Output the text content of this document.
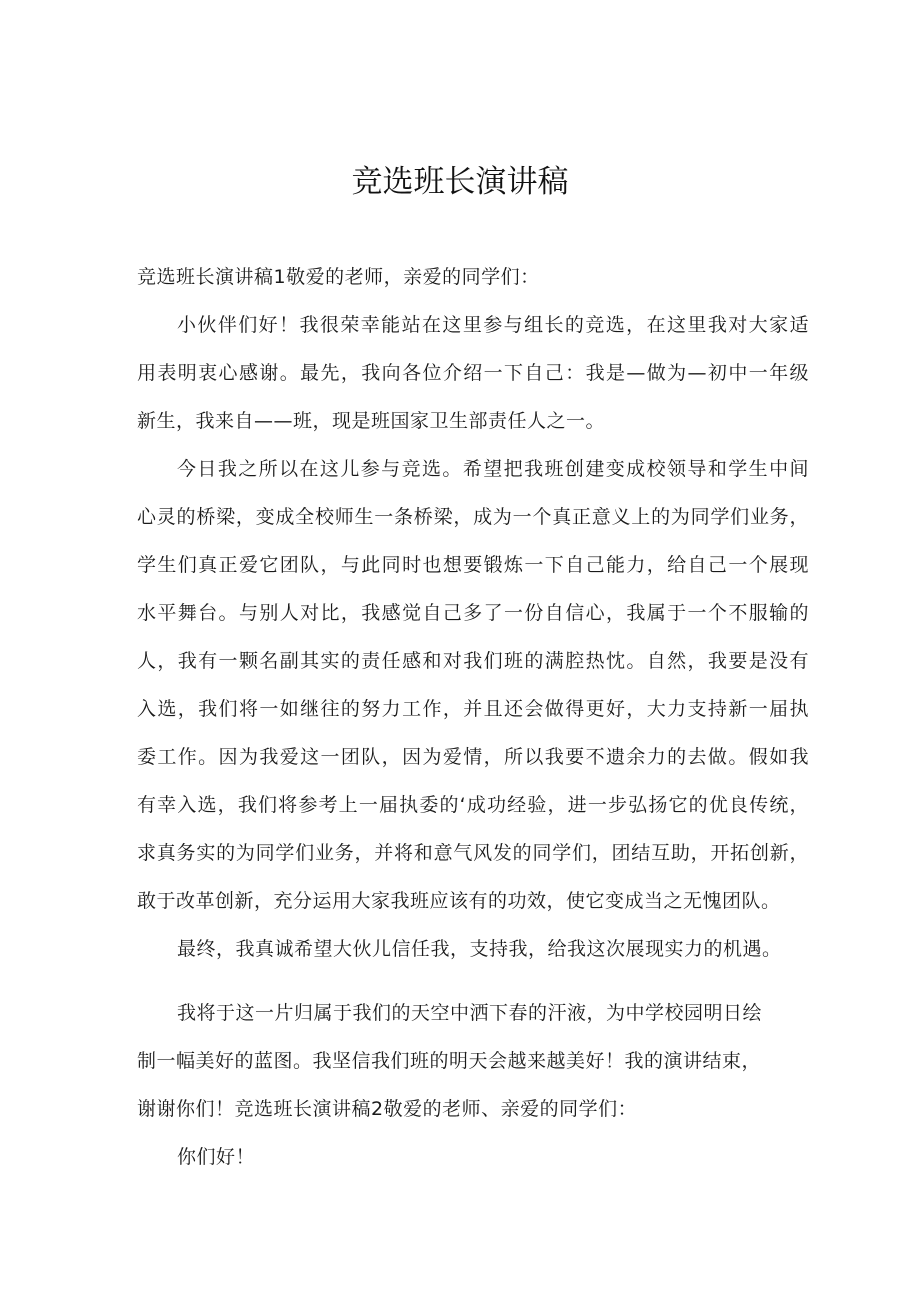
竞选班长演讲稿
竞选班长演讲稿1敬爱的老师，亲爱的同学们：
小伙伴们好！我很荣幸能站在这里参与组长的竞选，在这里我对大家适
用表明衷心感谢。最先，我向各位介绍一下自己：我是—做为—初中一年级
新生，我来自——班，现是班国家卫生部责任人之一。
今日我之所以在这儿参与竞选。希望把我班创建变成校领导和学生中间
心灵的桥梁，变成全校师生一条桥梁，成为一个真正意义上的为同学们业务，
学生们真正爱它团队，与此同时也想要锻炼一下自己能力，给自己一个展现
水平舞台。与别人对比，我感觉自己多了一份自信心，我属于一个不服输的
人，我有一颗名副其实的责任感和对我们班的满腔热忱。自然，我要是没有
入选，我们将一如继往的努力工作，并且还会做得更好，大力支持新一届执
委工作。因为我爱这一团队，因为爱情，所以我要不遗余力的去做。假如我
有幸入选，我们将参考上一届执委的‘成功经验，进一步弘扬它的优良传统，
求真务实的为同学们业务，并将和意气风发的同学们，团结互助，开拓创新，
敢于改革创新，充分运用大家我班应该有的功效，使它变成当之无愧团队。
最终，我真诚希望大伙儿信任我，支持我，给我这次展现实力的机遇。
我将于这一片归属于我们的天空中洒下春的汗液，为中学校园明日绘
制一幅美好的蓝图。我坚信我们班的明天会越来越美好！我的演讲结束，
谢谢你们！竞选班长演讲稿2敬爱的老师、亲爱的同学们：
你们好！
